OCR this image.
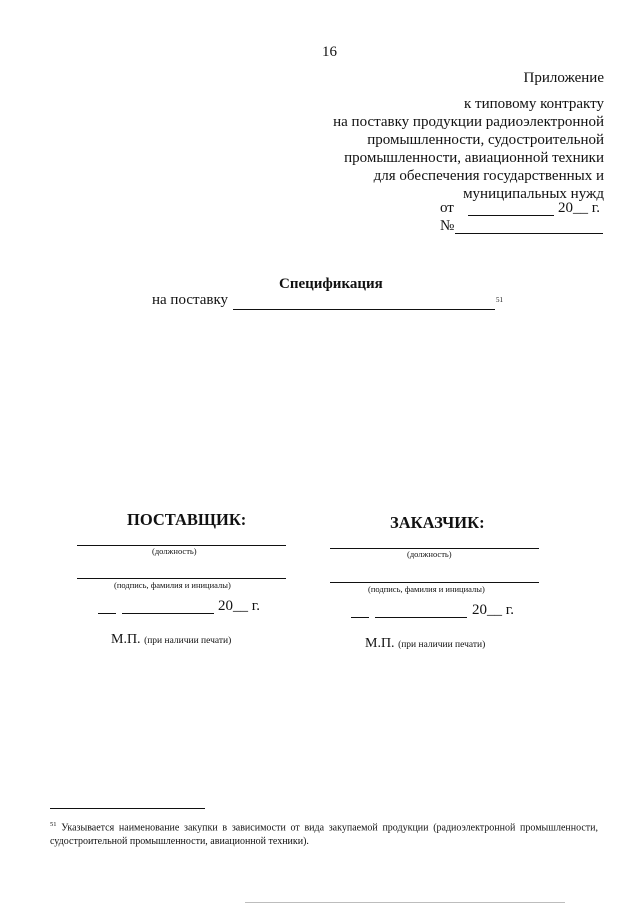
16
Приложение
к типовому контракту
на поставку продукции радиоэлектронной
промышленности, судостроительной
промышленности, авиационной техники
для обеспечения государственных и
муниципальных нужд
от	20__ г.
№
Спецификация
на поставку	51
ПОСТАВЩИК:
(должность)
(подпись, фамилия и инициалы)
20__ г.
М.П. (при наличии печати)
ЗАКАЗЧИК:
(должность)
(подпись, фамилия и инициалы)
20__ г.
М.П. (при наличии печати)
$^{51}$ Указывается наименование закупки в зависимости от вида закупаемой продукции (радиоэлектронной промышленности, судостроительной промышленности, авиационной техники).
